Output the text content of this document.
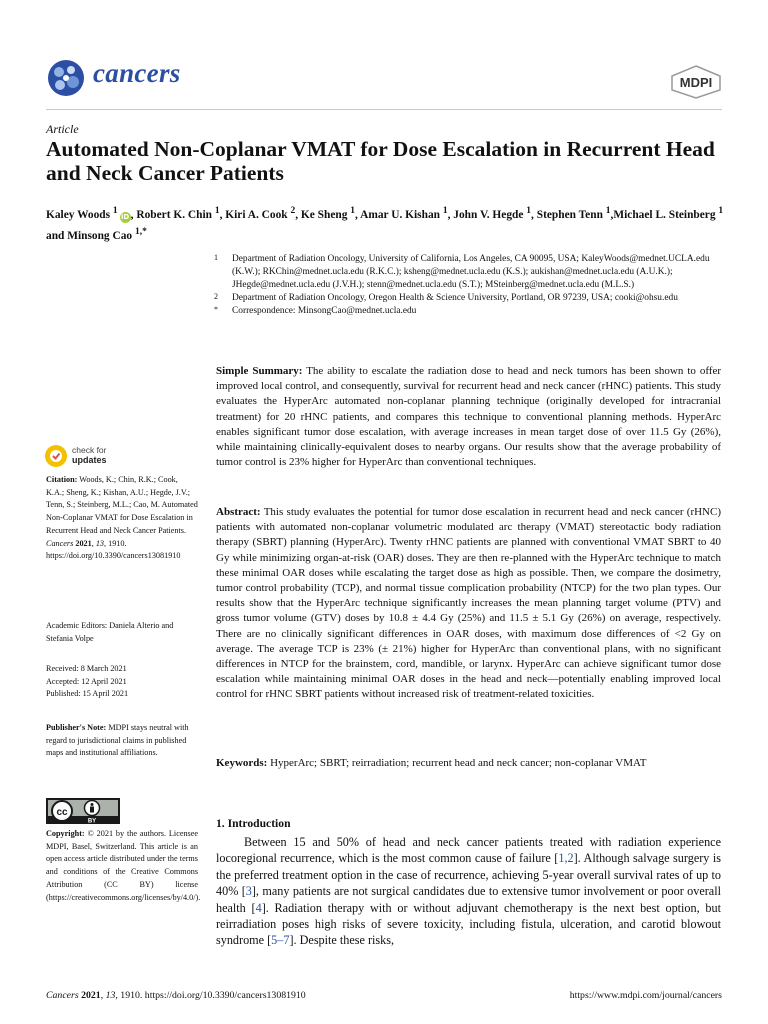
cancers	MDPI
Article
Automated Non-Coplanar VMAT for Dose Escalation in Recurrent Head and Neck Cancer Patients
Kaley Woods $^1$iD, Robert K. Chin $^1$, Kiri A. Cook $^2$, Ke Sheng $^1$, Amar U. Kishan $^1$, John V. Hegde $^1$, Stephen Tenn $^1$,Michael L. Steinberg $^1$ and Minsong Cao $^{1,*}$
1 Department of Radiation Oncology, University of California, Los Angeles, CA 90095, USA; KaleyWoods@mednet.UCLA.edu (K.W.); RKChin@mednet.ucla.edu (R.K.C.); ksheng@mednet.ucla.edu (K.S.); aukishan@mednet.ucla.edu (A.U.K.); JHegde@mednet.ucla.edu (J.V.H.); stenn@mednet.ucla.edu (S.T.); MSteinberg@mednet.ucla.edu (M.L.S.)
2 Department of Radiation Oncology, Oregon Health & Science University, Portland, OR 97239, USA; cooki@ohsu.edu
* Correspondence: MinsongCao@mednet.ucla.edu
Simple Summary: The ability to escalate the radiation dose to head and neck tumors has been shown to offer improved local control, and consequently, survival for recurrent head and neck cancer (rHNC) patients. This study evaluates the HyperArc automated non-coplanar planning technique (originally developed for intracranial treatment) for 20 rHNC patients, and compares this technique to conventional planning methods. HyperArc enables significant tumor dose escalation, with average increases in mean target dose of over 11.5 Gy (26%), while maintaining clinically-equivalent doses to nearby organs. Our results show that the average probability of tumor control is 23% higher for HyperArc than conventional techniques.
Abstract: This study evaluates the potential for tumor dose escalation in recurrent head and neck cancer (rHNC) patients with automated non-coplanar volumetric modulated arc therapy (VMAT) stereotactic body radiation therapy (SBRT) planning (HyperArc). Twenty rHNC patients are planned with conventional VMAT SBRT to 40 Gy while minimizing organ-at-risk (OAR) doses. They are then re-planned with the HyperArc technique to match these minimal OAR doses while escalating the target dose as high as possible. Then, we compare the dosimetry, tumor control probability (TCP), and normal tissue complication probability (NTCP) for the two plan types. Our results show that the HyperArc technique significantly increases the mean planning target volume (PTV) and gross tumor volume (GTV) doses by 10.8 ± 4.4 Gy (25%) and 11.5 ± 5.1 Gy (26%) on average, respectively. There are no clinically significant differences in OAR doses, with maximum dose differences of <2 Gy on average. The average TCP is 23% (± 21%) higher for HyperArc than conventional plans, with no significant differences in NTCP for the brainstem, cord, mandible, or larynx. HyperArc can achieve significant tumor dose escalation while maintaining minimal OAR doses in the head and neck—potentially enabling improved local control for rHNC SBRT patients without increased risk of treatment-related toxicities.
Keywords: HyperArc; SBRT; reirradiation; recurrent head and neck cancer; non-coplanar VMAT
check for
updates
Citation: Woods, K.; Chin, R.K.; Cook, K.A.; Sheng, K.; Kishan, A.U.; Hegde, J.V.; Tenn, S.; Steinberg, M.L.; Cao, M. Automated Non-Coplanar VMAT for Dose Escalation in Recurrent Head and Neck Cancer Patients. Cancers 2021, 13, 1910. https://doi.org/10.3390/cancers13081910
Academic Editors: Daniela Alterio and Stefania Volpe
Received: 8 March 2021
Accepted: 12 April 2021
Published: 15 April 2021
Publisher's Note: MDPI stays neutral with regard to jurisdictional claims in published maps and institutional affiliations.
cc
BY
Copyright: © 2021 by the authors. Licensee MDPI, Basel, Switzerland. This article is an open access article distributed under the terms and conditions of the Creative Commons Attribution (CC BY) license (https://creativecommons.org/licenses/by/4.0/).
1. Introduction
Between 15 and 50% of head and neck cancer patients treated with radiation experience locoregional recurrence, which is the most common cause of failure [1,2]. Although salvage surgery is the preferred treatment option in the case of recurrence, achieving 5-year overall survival rates of up to 40% [3], many patients are not surgical candidates due to extensive tumor involvement or poor overall health [4]. Radiation therapy with or without adjuvant chemotherapy is the next best option, but reirradiation poses high risks of severe toxicity, including fistula, ulceration, and carotid blowout syndrome [5–7]. Despite these risks,
Cancers 2021, 13, 1910. https://doi.org/10.3390/cancers13081910	https://www.mdpi.com/journal/cancers
